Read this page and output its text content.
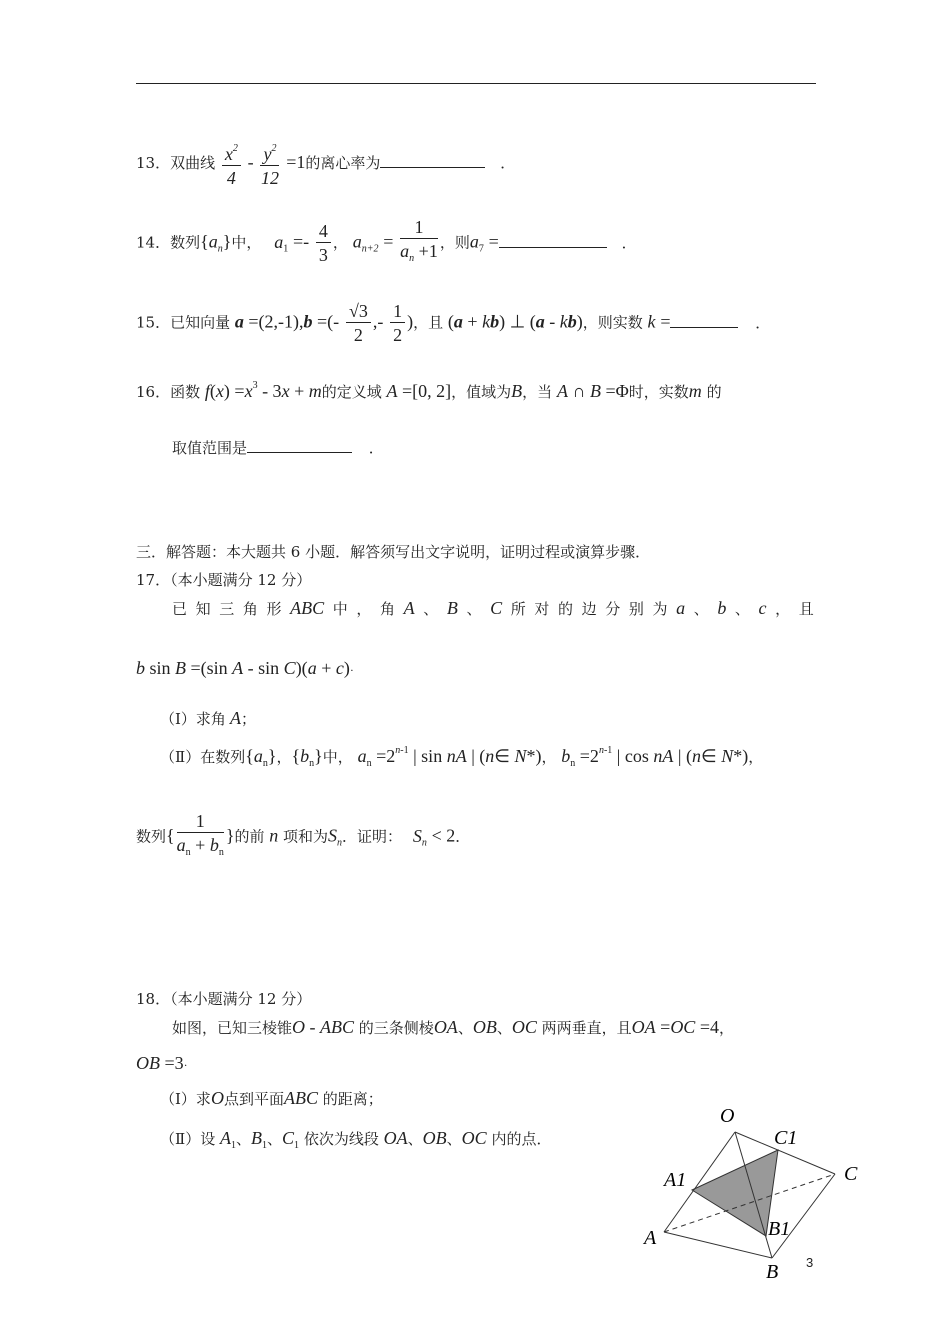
13．双曲线 $\frac{x^2}{4} - \frac{y^2}{12} =1$的离心率为	．
14．数列$\{a_n\}$中， $a_1 =- \frac{4}{3}$ ， $a_{n+2} = \frac{1}{a_n +1}$ ，则$a_7$ =	．
15．已知向量 a =(2,-1),b =(- $\frac{√3}{2}$ ,- $\frac{1}{2}$ )，且 (a + kb) ⊥ (a - kb)，则实数 k =	．
16．函数 $f(x) =x^3 - 3x + m$的定义域 A =[0, 2]，值域为B，当 A ∩ B =Φ时，实数m 的
取值范围是	．
三．解答题：本大题共 6 小题．解答须写出文字说明，证明过程或演算步骤．
17．（本小题满分 12 分）
已 知 三 角 形 ABC 中 ， 角 A 、 B 、 C 所 对 的 边 分 别 为 a 、 b 、 c ， 且
b sin B =(sin A - sin C)(a + c)·
（Ⅰ）求角 A；
（Ⅱ）在数列$\{a_n\}$，$\{b_n\}$中， $a_n =2^{n-1}$ | sin nA | (n∈ N*)， $b_n =2^{n-1}$ | cos nA | (n∈ N*)，
数列{ $\frac{1}{a_n + b_n}$ }的前 n 项和为$S_n$．证明： $S_n < 2$．
18．（本小题满分 12 分）
如图，已知三棱锥O - ABC 的三条侧棱OA、OB、OC 两两垂直，且OA =OC =4，
OB =3·
（Ⅰ）求O点到平面ABC 的距离；
（Ⅱ）设 $A_1$、$B_1$、$C_1$ 依次为线段 OA、OB、OC 内的点．
O
C1
A1	C
A	B1
B 3
